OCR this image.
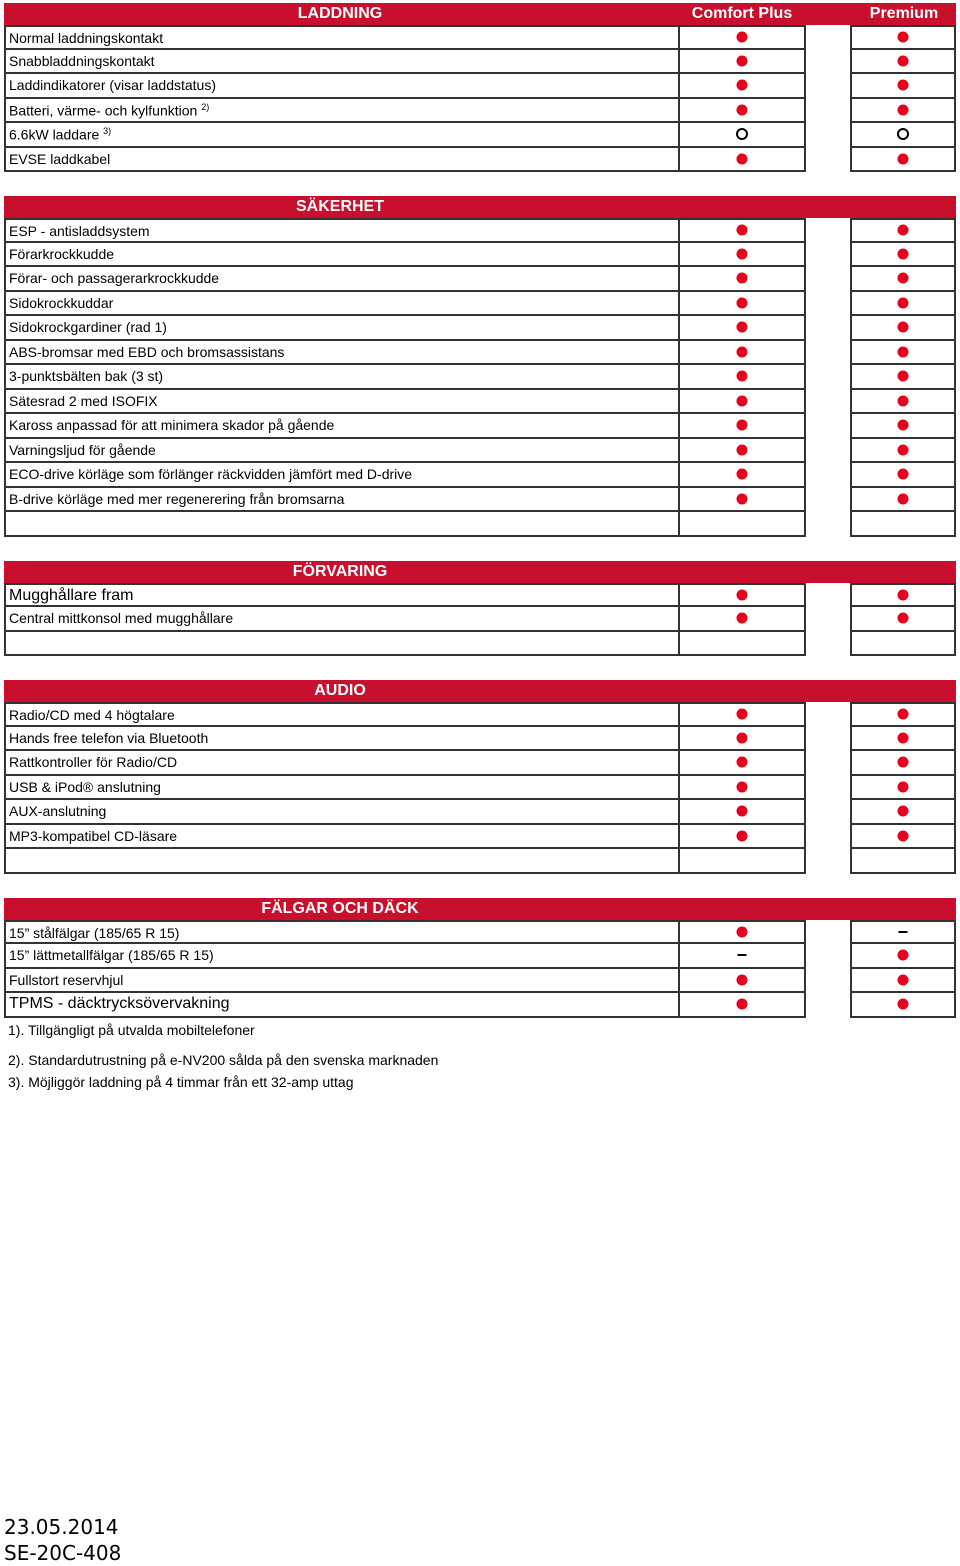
LADDNING	Comfort Plus	Premium
Normal laddningskontakt
Snabbladdningskontakt
Laddindikatorer (visar laddstatus)
Batteri, värme- och kylfunktion $^{2)}$
6.6kW laddare $^{3)}$
EVSE laddkabel
SÄKERHET
ESP - antisladdsystem
Förarkrockkudde
Förar- och passagerarkrockkudde
Sidokrockkuddar
Sidokrockgardiner (rad 1)
ABS-bromsar med EBD och bromsassistans
3-punktsbälten bak (3 st)
Sätesrad 2 med ISOFIX
Kaross anpassad för att minimera skador på gående
Varningsljud för gående
ECO-drive körläge som förlänger räckvidden jämfört med D-drive
B-drive körläge med mer regenerering från bromsarna
FÖRVARING
Mugghållare fram
Central mittkonsol med mugghållare
AUDIO
Radio/CD med 4 högtalare
Hands free telefon via Bluetooth
Rattkontroller för Radio/CD
USB & iPod® anslutning
AUX-anslutning
MP3-kompatibel CD-läsare
FÄLGAR OCH DÄCK
15” stålfälgar (185/65 R 15)
15” lättmetallfälgar (185/65 R 15)
Fullstort reservhjul
TPMS - däcktrycksövervakning
1). Tillgängligt på utvalda mobiltelefoner
2). Standardutrustning på e-NV200 sålda på den svenska marknaden
3). Möjliggör laddning på 4 timmar från ett 32-amp uttag
23.05.2014
SE-20C-408
